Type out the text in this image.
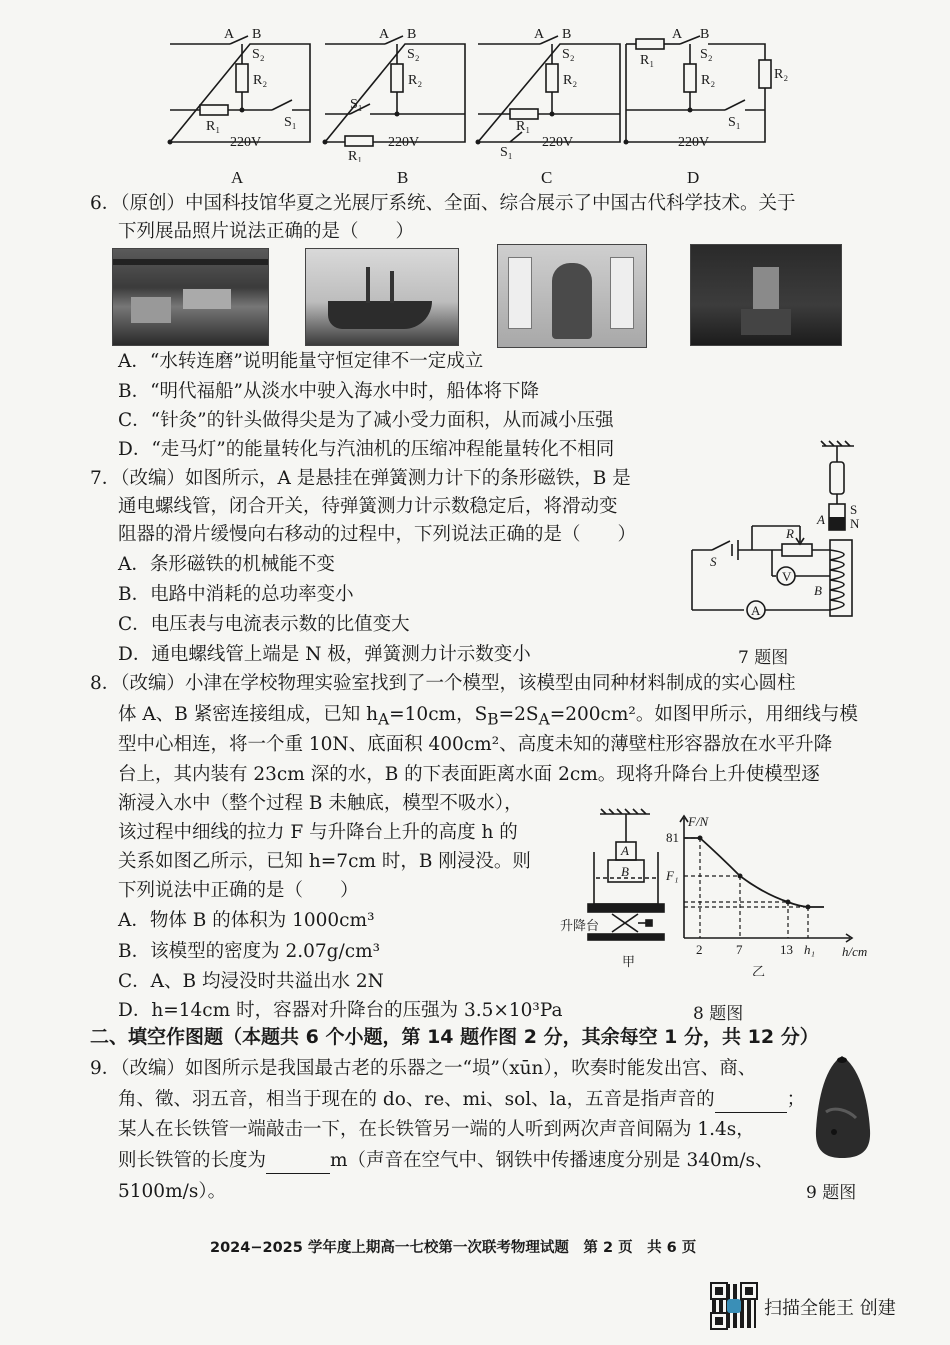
A B
S₂
R₂
R₁	S₁
220V
A B
S₂
R₂
S₁
R₁
220V
A B
S₂
R₂
R₁
S₁
220V
A B
R₁	S₂
R₂	R₂
S₁
220V
A	B	C	D
6．（原创）中国科技馆华夏之光展厅系统、全面、综合展示了中国古代科学技术。关于
下列展品照片说法正确的是（　　）
A．“水转连磨”说明能量守恒定律不一定成立
B．“明代福船”从淡水中驶入海水中时，船体将下降
C．“针灸”的针头做得尖是为了减小受力面积，从而减小压强
D．“走马灯”的能量转化与汽油机的压缩冲程能量转化不相同
7．（改编）如图所示，A 是悬挂在弹簧测力计下的条形磁铁，B 是
通电螺线管，闭合开关，待弹簧测力计示数稳定后，将滑动变
阻器的滑片缓慢向右移动的过程中，下列说法正确的是（　　）
A．条形磁铁的机械能不变
B．电路中消耗的总功率变小
C．电压表与电流表示数的比值变大
D．通电螺线管上端是 N 极，弹簧测力计示数变小	7 题图
A
S
N
R
S
V
B
A
8．（改编）小津在学校物理实验室找到了一个模型，该模型由同种材料制成的实心圆柱
体 A、B 紧密连接组成，已知 $h_A=10cm$，$S_B=2S_A=200cm^2$。如图甲所示，用细线与模
型中心相连，将一个重 10N、底面积 400cm²、高度未知的薄壁柱形容器放在水平升降
台上，其内装有 23cm 深的水，B 的下表面距离水面 2cm。现将升降台上升使模型逐
渐浸入水中（整个过程 B 未触底，模型不吸水），
该过程中细线的拉力 F 与升降台上升的高度 h 的
关系如图乙所示，已知 h=7cm 时，B 刚浸没。则
下列说法中正确的是（　　）
A．物体 B 的体积为 1000cm³
B．该模型的密度为 2.07g/cm³
C．A、B 均浸没时共溢出水 2N
D．h=14cm 时，容器对升降台的压强为 3.5×10³Pa	8 题图
A
B
升降台
甲
F/N
81
F₁
2	7	13 h₁ h/cm
乙
二、填空作图题（本题共 6 个小题，第 14 题作图 2 分，其余每空 1 分，共 12 分）
9．（改编）如图所示是我国最古老的乐器之一“埙”（xūn），吹奏时能发出宫、商、
角、徵、羽五音，相当于现在的 do、re、mi、sol、la，五音是指声音的	；
某人在长铁管一端敲击一下，在长铁管另一端的人听到两次声音间隔为 1.4s，
则长铁管的长度为	m（声音在空气中、钢铁中传播速度分别是 340m/s、
5100m/s）。	9 题图
2024−2025 学年度上期高一七校第一次联考物理试题　第 2 页　共 6 页
扫描全能王 创建
